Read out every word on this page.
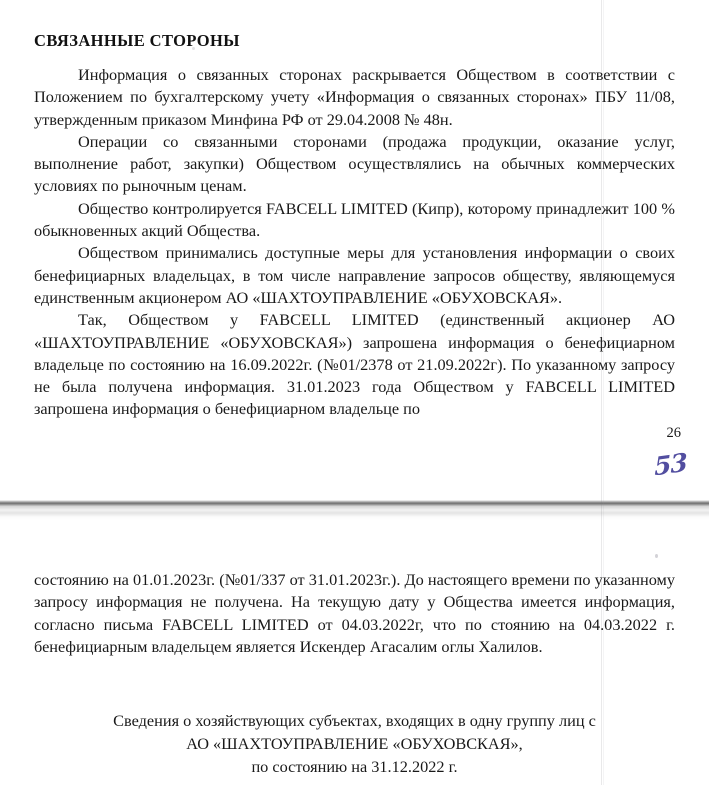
СВЯЗАННЫЕ СТОРОНЫ

Информация о связанных сторонах раскрывается Обществом в соответствии с Положением по бухгалтерскому учету «Информация о связанных сторонах» ПБУ 11/08, утвержденным приказом Минфина РФ от 29.04.2008 № 48н.

Операции со связанными сторонами (продажа продукции, оказание услуг, выполнение работ, закупки) Обществом осуществлялись на обычных коммерческих условиях по рыночным ценам.

Общество контролируется FABCELL LIMITED (Кипр), которому принадлежит 100 % обыкновенных акций Общества.

Обществом принимались доступные меры для установления информации о своих бенефициарных владельцах, в том числе направление запросов обществу, являющемуся единственным акционером АО «ШАХТОУПРАВЛЕНИЕ «ОБУХОВСКАЯ».

Так, Обществом у FABCELL LIMITED (единственный акционер АО «ШАХТОУПРАВЛЕНИЕ «ОБУХОВСКАЯ») запрошена информация о бенефициарном владельце по состоянию на 16.09.2022г. (№01/2378 от 21.09.2022г). По указанному запросу не была получена информация. 31.01.2023 года Обществом у FABCELL LIMITED запрошена информация о бенефициарном владельце по

26
53

состоянию на 01.01.2023г. (№01/337 от 31.01.2023г.). До настоящего времени по указанному запросу информация не получена. На текущую дату у Общества имеется информация, согласно письма FABCELL LIMITED от 04.03.2022г, что по стоянию на 04.03.2022 г. бенефициарным владельцем является Искендер Агасалим оглы Халилов.

Сведения о хозяйствующих субъектах, входящих в одну группу лиц с
АО «ШАХТОУПРАВЛЕНИЕ «ОБУХОВСКАЯ»,
по состоянию на 31.12.2022 г.
